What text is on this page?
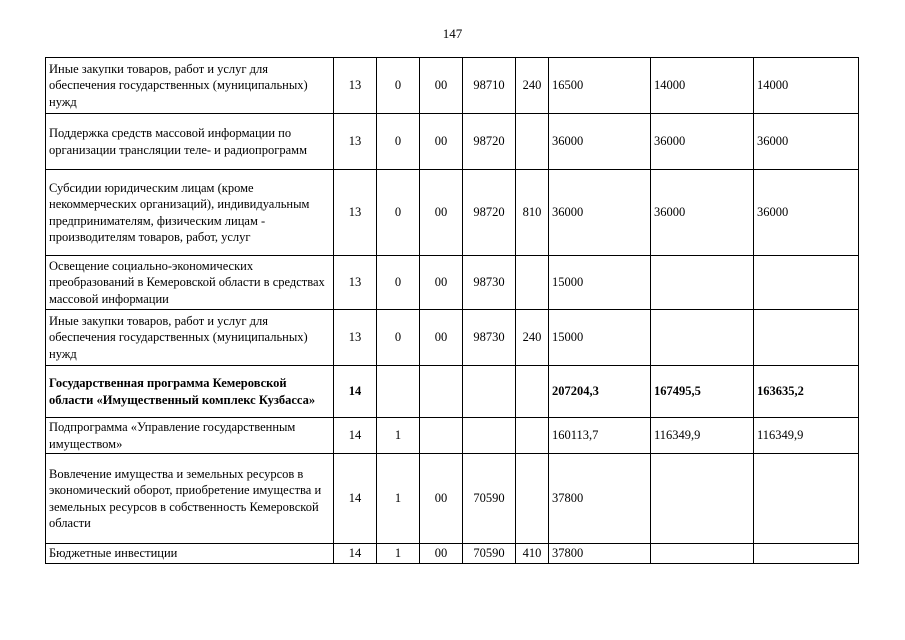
147
Иные закупки товаров, работ и услуг для обеспечения государственных (муниципальных) нужд	13	0	00	98710	240	16500	14000	14000
Поддержка средств массовой информации по организации трансляции теле- и радиопрограмм	13	0	00	98720		36000	36000	36000
Субсидии юридическим лицам (кроме некоммерческих организаций), индивидуальным предпринимателям, физическим лицам - производителям товаров, работ, услуг	13	0	00	98720	810	36000	36000	36000
Освещение социально-экономических преобразований в Кемеровской области в средствах массовой информации	13	0	00	98730		15000		
Иные закупки товаров, работ и услуг для обеспечения государственных (муниципальных) нужд	13	0	00	98730	240	15000		
Государственная программа Кемеровской области «Имущественный комплекс Кузбасса»	14					207204,3	167495,5	163635,2
Подпрограмма «Управление государственным имуществом»	14	1				160113,7	116349,9	116349,9
Вовлечение имущества и земельных ресурсов в экономический оборот, приобретение имущества и земельных ресурсов в собственность Кемеровской области	14	1	00	70590		37800		
Бюджетные инвестиции	14	1	00	70590	410	37800		
